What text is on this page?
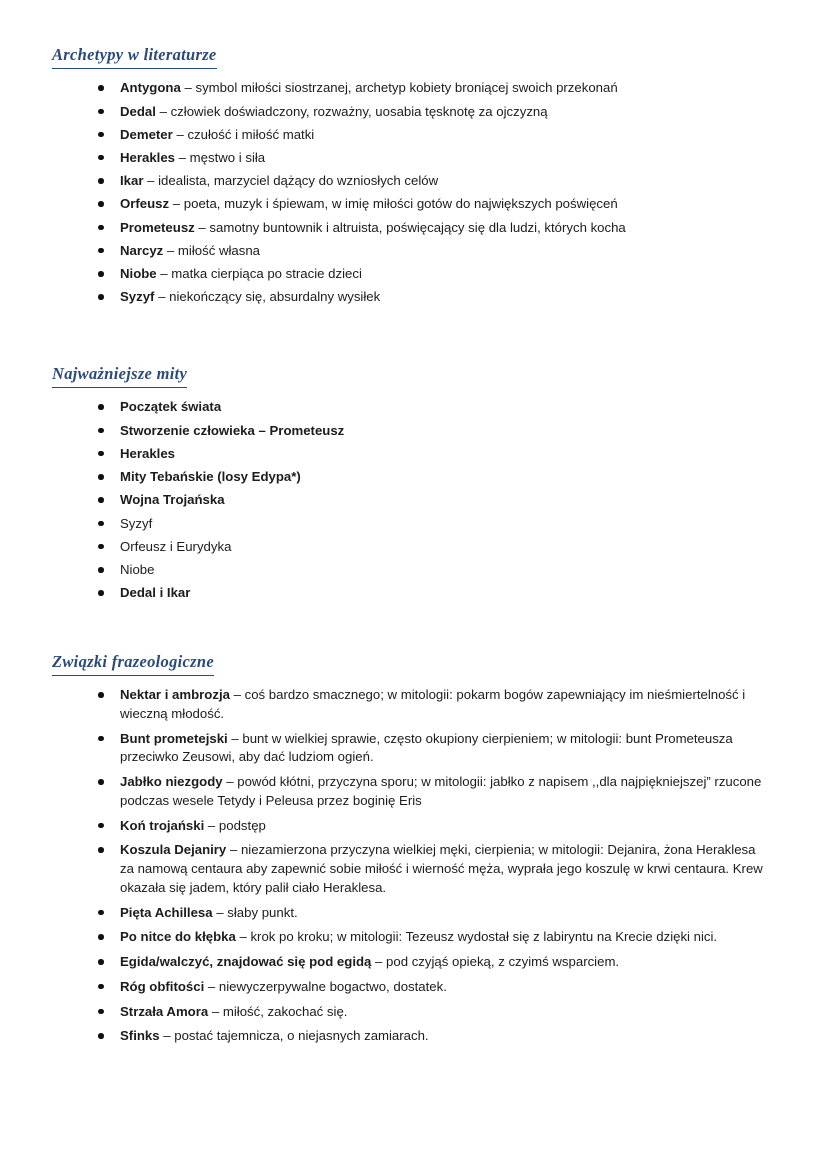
Archetypy w literaturze
Antygona – symbol miłości siostrzanej, archetyp kobiety broniącej swoich przekonań
Dedal – człowiek doświadczony, rozważny, uosabia tęsknotę za ojczyzną
Demeter – czułość i miłość matki
Herakles – męstwo i siła
Ikar – idealista, marzyciel dążący do wzniosłych celów
Orfeusz – poeta, muzyk i śpiewam, w imię miłości gotów do największych poświęceń
Prometeusz – samotny buntownik i altruista, poświęcający się dla ludzi, których kocha
Narcyz – miłość własna
Niobe – matka cierpiąca po stracie dzieci
Syzyf – niekończący się, absurdalny wysiłek
Najważniejsze mity
Początek świata
Stworzenie człowieka – Prometeusz
Herakles
Mity Tebańskie (losy Edypa*)
Wojna Trojańska
Syzyf
Orfeusz i Eurydyka
Niobe
Dedal i Ikar
Związki frazeologiczne
Nektar i ambrozja – coś bardzo smacznego; w mitologii: pokarm bogów zapewniający im nieśmiertelność i wieczną młodość.
Bunt prometejski – bunt w wielkiej sprawie, często okupiony cierpieniem; w mitologii: bunt Prometeusza przeciwko Zeusowi, aby dać ludziom ogień.
Jabłko niezgody – powód kłótni, przyczyna sporu; w mitologii: jabłko z napisem ,,dla najpiękniejszej” rzucone podczas wesele Tetydy i Peleusa przez boginię Eris
Koń trojański – podstęp
Koszula Dejaniry – niezamierzona przyczyna wielkiej męki, cierpienia; w mitologii: Dejanira, żona Heraklesa za namową centaura aby zapewnić sobie miłość i wierność męża, wyprała jego koszulę w krwi centaura. Krew okazała się jadem, który palił ciało Heraklesa.
Pięta Achillesa – słaby punkt.
Po nitce do kłębka – krok po kroku; w mitologii: Tezeusz wydostał się z labiryntu na Krecie dzięki nici.
Egida/walczyć, znajdować się pod egidą – pod czyjąś opieką, z czyimś wsparciem.
Róg obfitości – niewyczerpywalne bogactwo, dostatek.
Strzała Amora – miłość, zakochać się.
Sfinks – postać tajemnicza, o niejasnych zamiarach.
